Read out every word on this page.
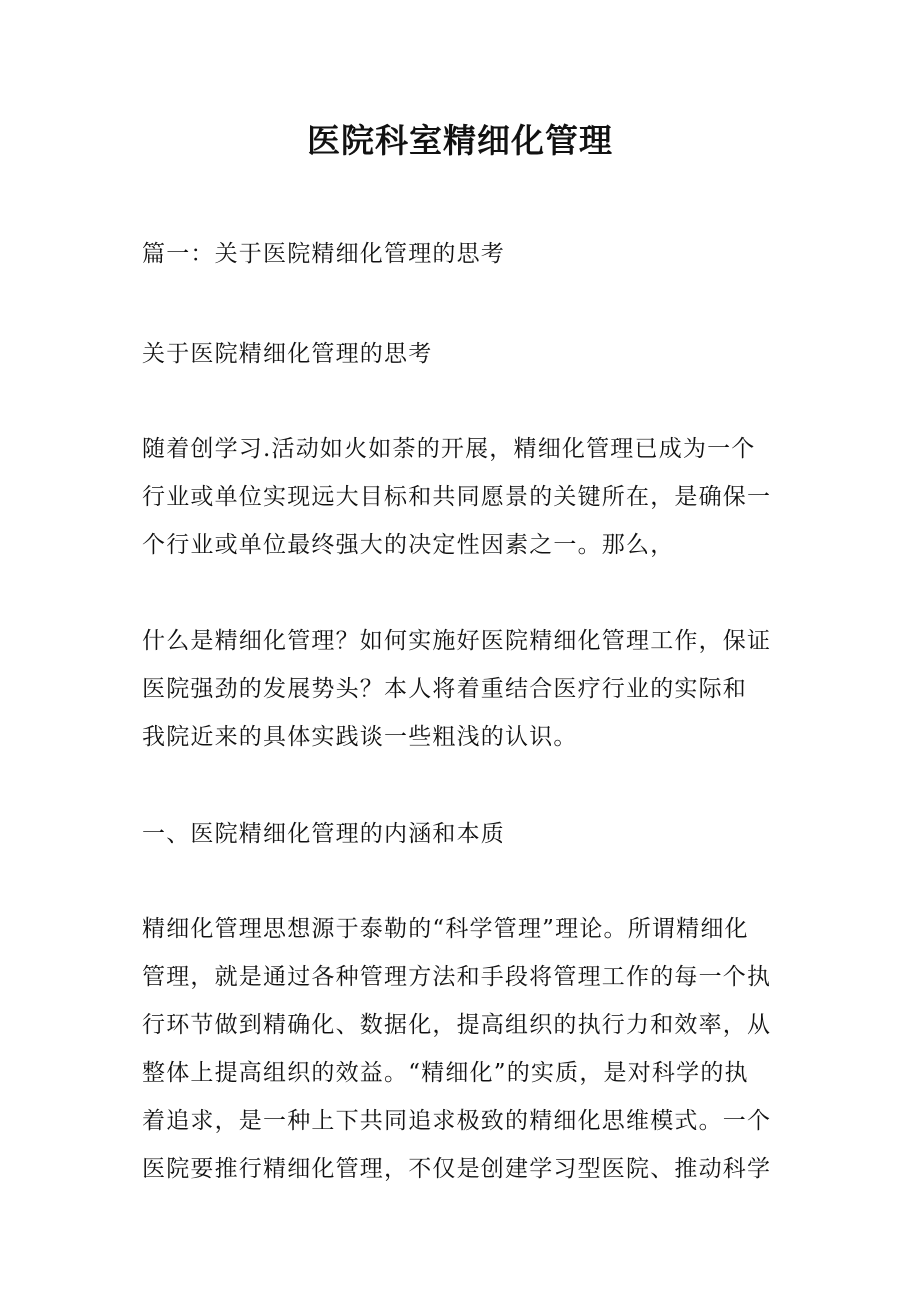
医院科室精细化管理

篇一：关于医院精细化管理的思考

关于医院精细化管理的思考

随着创学习.活动如火如荼的开展，精细化管理已成为一个
行业或单位实现远大目标和共同愿景的关键所在，是确保一
个行业或单位最终强大的决定性因素之一。那么，

什么是精细化管理？如何实施好医院精细化管理工作，保证
医院强劲的发展势头？本人将着重结合医疗行业的实际和
我院近来的具体实践谈一些粗浅的认识。

一、医院精细化管理的内涵和本质

精细化管理思想源于泰勒的“科学管理”理论。所谓精细化
管理，就是通过各种管理方法和手段将管理工作的每一个执
行环节做到精确化、数据化，提高组织的执行力和效率，从
整体上提高组织的效益。“精细化”的实质，是对科学的执
着追求，是一种上下共同追求极致的精细化思维模式。一个
医院要推行精细化管理，不仅是创建学习型医院、推动科学
